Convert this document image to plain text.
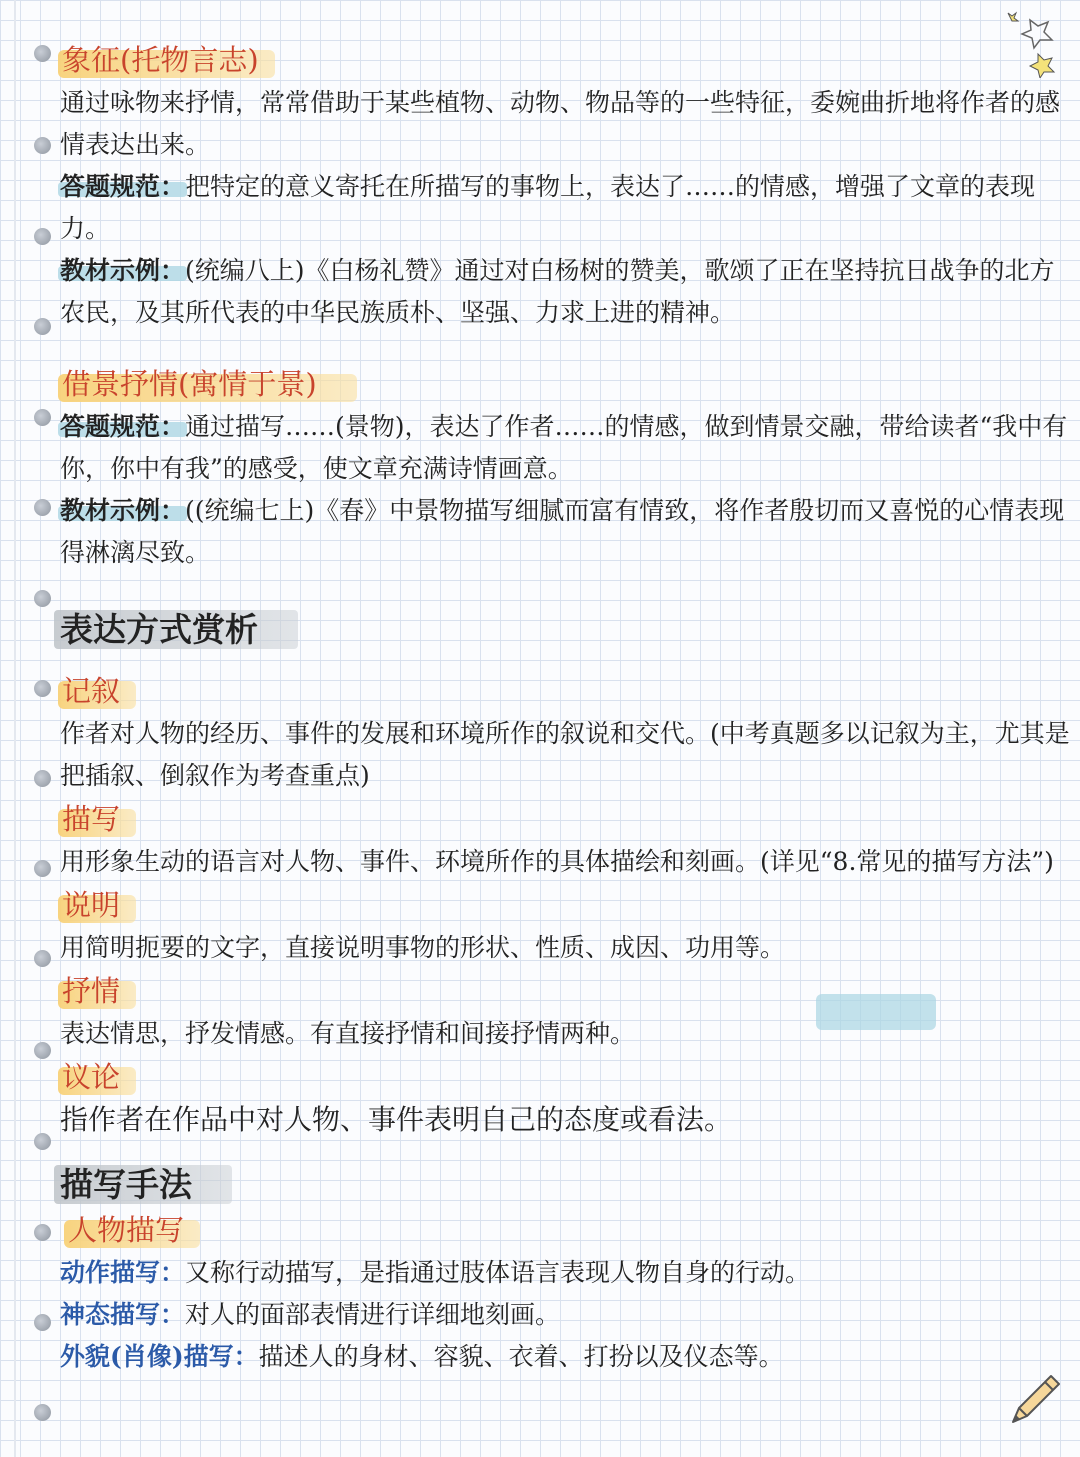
象征(托物言志)

通过咏物来抒情，常常借助于某些植物、动物、物品等的一些特征，委婉曲折地将作者的感情表达出来。

答题规范：把特定的意义寄托在所描写的事物上，表达了……的情感，增强了文章的表现力。

教材示例：(统编八上)《白杨礼赞》通过对白杨树的赞美，歌颂了正在坚持抗日战争的北方农民，及其所代表的中华民族质朴、坚强、力求上进的精神。

借景抒情(寓情于景)

答题规范：通过描写……(景物)，表达了作者……的情感，做到情景交融，带给读者“我中有你，你中有我”的感受，使文章充满诗情画意。

教材示例：((统编七上)《春》中景物描写细腻而富有情致，将作者殷切而又喜悦的心情表现得淋漓尽致。

表达方式赏析
记叙

作者对人物的经历、事件的发展和环境所作的叙说和交代。(中考真题多以记叙为主，尤其是把插叙、倒叙作为考查重点)

描写

用形象生动的语言对人物、事件、环境所作的具体描绘和刻画。(详见“8.常见的描写方法”)

说明

用简明扼要的文字，直接说明事物的形状、性质、成因、功用等。

抒情

表达情思，抒发情感。有直接抒情和间接抒情两种。

议论

指作者在作品中对人物、事件表明自己的态度或看法。

描写手法
人物描写

动作描写：又称行动描写，是指通过肢体语言表现人物自身的行动。

神态描写：对人的面部表情进行详细地刻画。

外貌(肖像)描写：描述人的身材、容貌、衣着、打扮以及仪态等。
